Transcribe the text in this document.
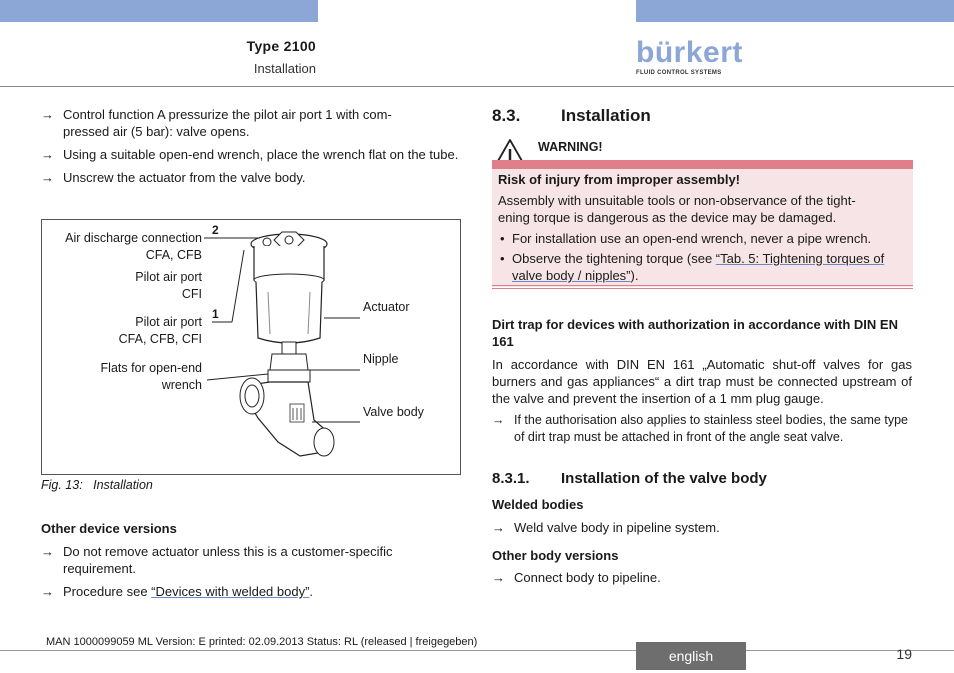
Type 2100
Installation	bürkert
FLUID CONTROL SYSTEMS
→ Control function A pressurize the pilot air port 1 with com-
pressed air (5 bar): valve opens.
→ Using a suitable open-end wrench, place the wrench flat on the tube.
→ Unscrew the actuator from the valve body.
Air discharge connection
CFA, CFB
2
Pilot air port
CFI
1
Pilot air port
CFA, CFB, CFI
Flats for open-end
wrench
Actuator
Nipple
Valve body
Fig. 13:   Installation
Other device versions
→ Do not remove actuator unless this is a customer-specific requirement.
→ Procedure see “Devices with welded body”.
8.3. Installation
WARNING!
Risk of injury from improper assembly!
Assembly with unsuitable tools or non-observance of the tight-
ening torque is dangerous as the device may be damaged.
• For installation use an open-end wrench, never a pipe wrench.
• Observe the tightening torque (see “Tab. 5: Tightening torques of valve body / nipples”).
Dirt trap for devices with authorization in accordance with DIN EN 161
In accordance with DIN EN 161 „Automatic shut-off valves for gas burners and gas appliances“ a dirt trap must be connected upstream of the valve and prevent the insertion of a 1 mm plug gauge.
→ If the authorisation also applies to stainless steel bodies, the same type of dirt trap must be attached in front of the angle seat valve.
8.3.1. Installation of the valve body
Welded bodies
→ Weld valve body in pipeline system.
Other body versions
→ Connect body to pipeline.
MAN 1000099059 ML Version: E printed: 02.09.2013 Status: RL (released | freigegeben)
english	19
